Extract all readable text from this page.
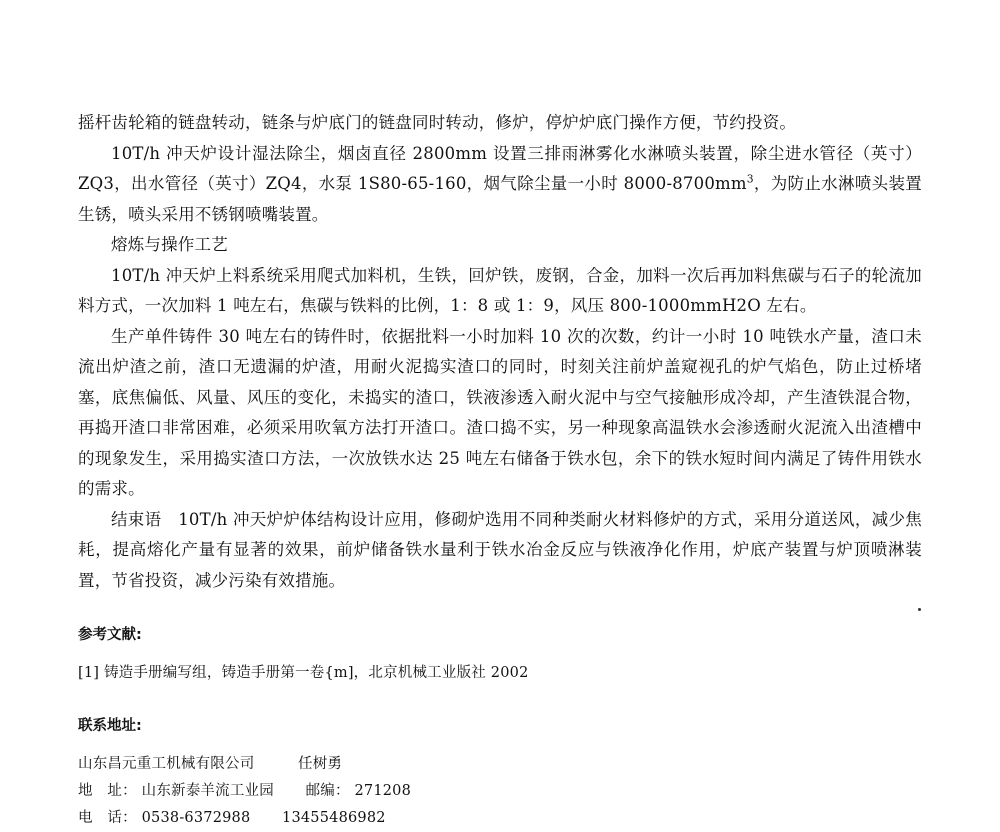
摇杆齿轮箱的链盘转动，链条与炉底门的链盘同时转动，修炉，停炉炉底门操作方便，节约投资。

10T/h 冲天炉设计湿法除尘，烟卤直径 2800mm 设置三排雨淋雾化水淋喷头装置，除尘进水管径（英寸）ZQ3，出水管径（英寸）ZQ4，水泵 1S80-65-160，烟气除尘量一小时 $8000-8700mm^3$，为防止水淋喷头装置生锈，喷头采用不锈钢喷嘴装置。

熔炼与操作工艺

10T/h 冲天炉上料系统采用爬式加料机，生铁，回炉铁，废钢，合金，加料一次后再加料焦碳与石子的轮流加料方式，一次加料 1 吨左右，焦碳与铁料的比例，1：8 或 1：9，风压 800-1000mmH2O 左右。

生产单件铸件 30 吨左右的铸件时，依据批料一小时加料 10 次的次数，约计一小时 10 吨铁水产量，渣口未流出炉渣之前，渣口无遗漏的炉渣，用耐火泥捣实渣口的同时，时刻关注前炉盖窥视孔的炉气焰色，防止过桥堵塞，底焦偏低、风量、风压的变化，未捣实的渣口，铁液渗透入耐火泥中与空气接触形成冷却，产生渣铁混合物，再捣开渣口非常困难，必须采用吹氧方法打开渣口。渣口捣不实，另一种现象高温铁水会渗透耐火泥流入出渣槽中的现象发生，采用捣实渣口方法，一次放铁水达 25 吨左右储备于铁水包，余下的铁水短时间内满足了铸件用铁水的需求。

结束语　10T/h 冲天炉炉体结构设计应用，修砌炉选用不同种类耐火材料修炉的方式，采用分道送风，减少焦耗，提高熔化产量有显著的效果，前炉储备铁水量利于铁水冶金反应与铁液净化作用，炉底产装置与炉顶喷淋装置，节省投资，减少污染有效措施。

参考文献:

[1] 铸造手册编写组，铸造手册第一卷{m]，北京机械工业版社 2002

联系地址:

山东昌元重工机械有限公司	任树勇

地　址： 山东新泰羊流工业园 邮编： 271208

电　话： 0538-6372988 13455486982
